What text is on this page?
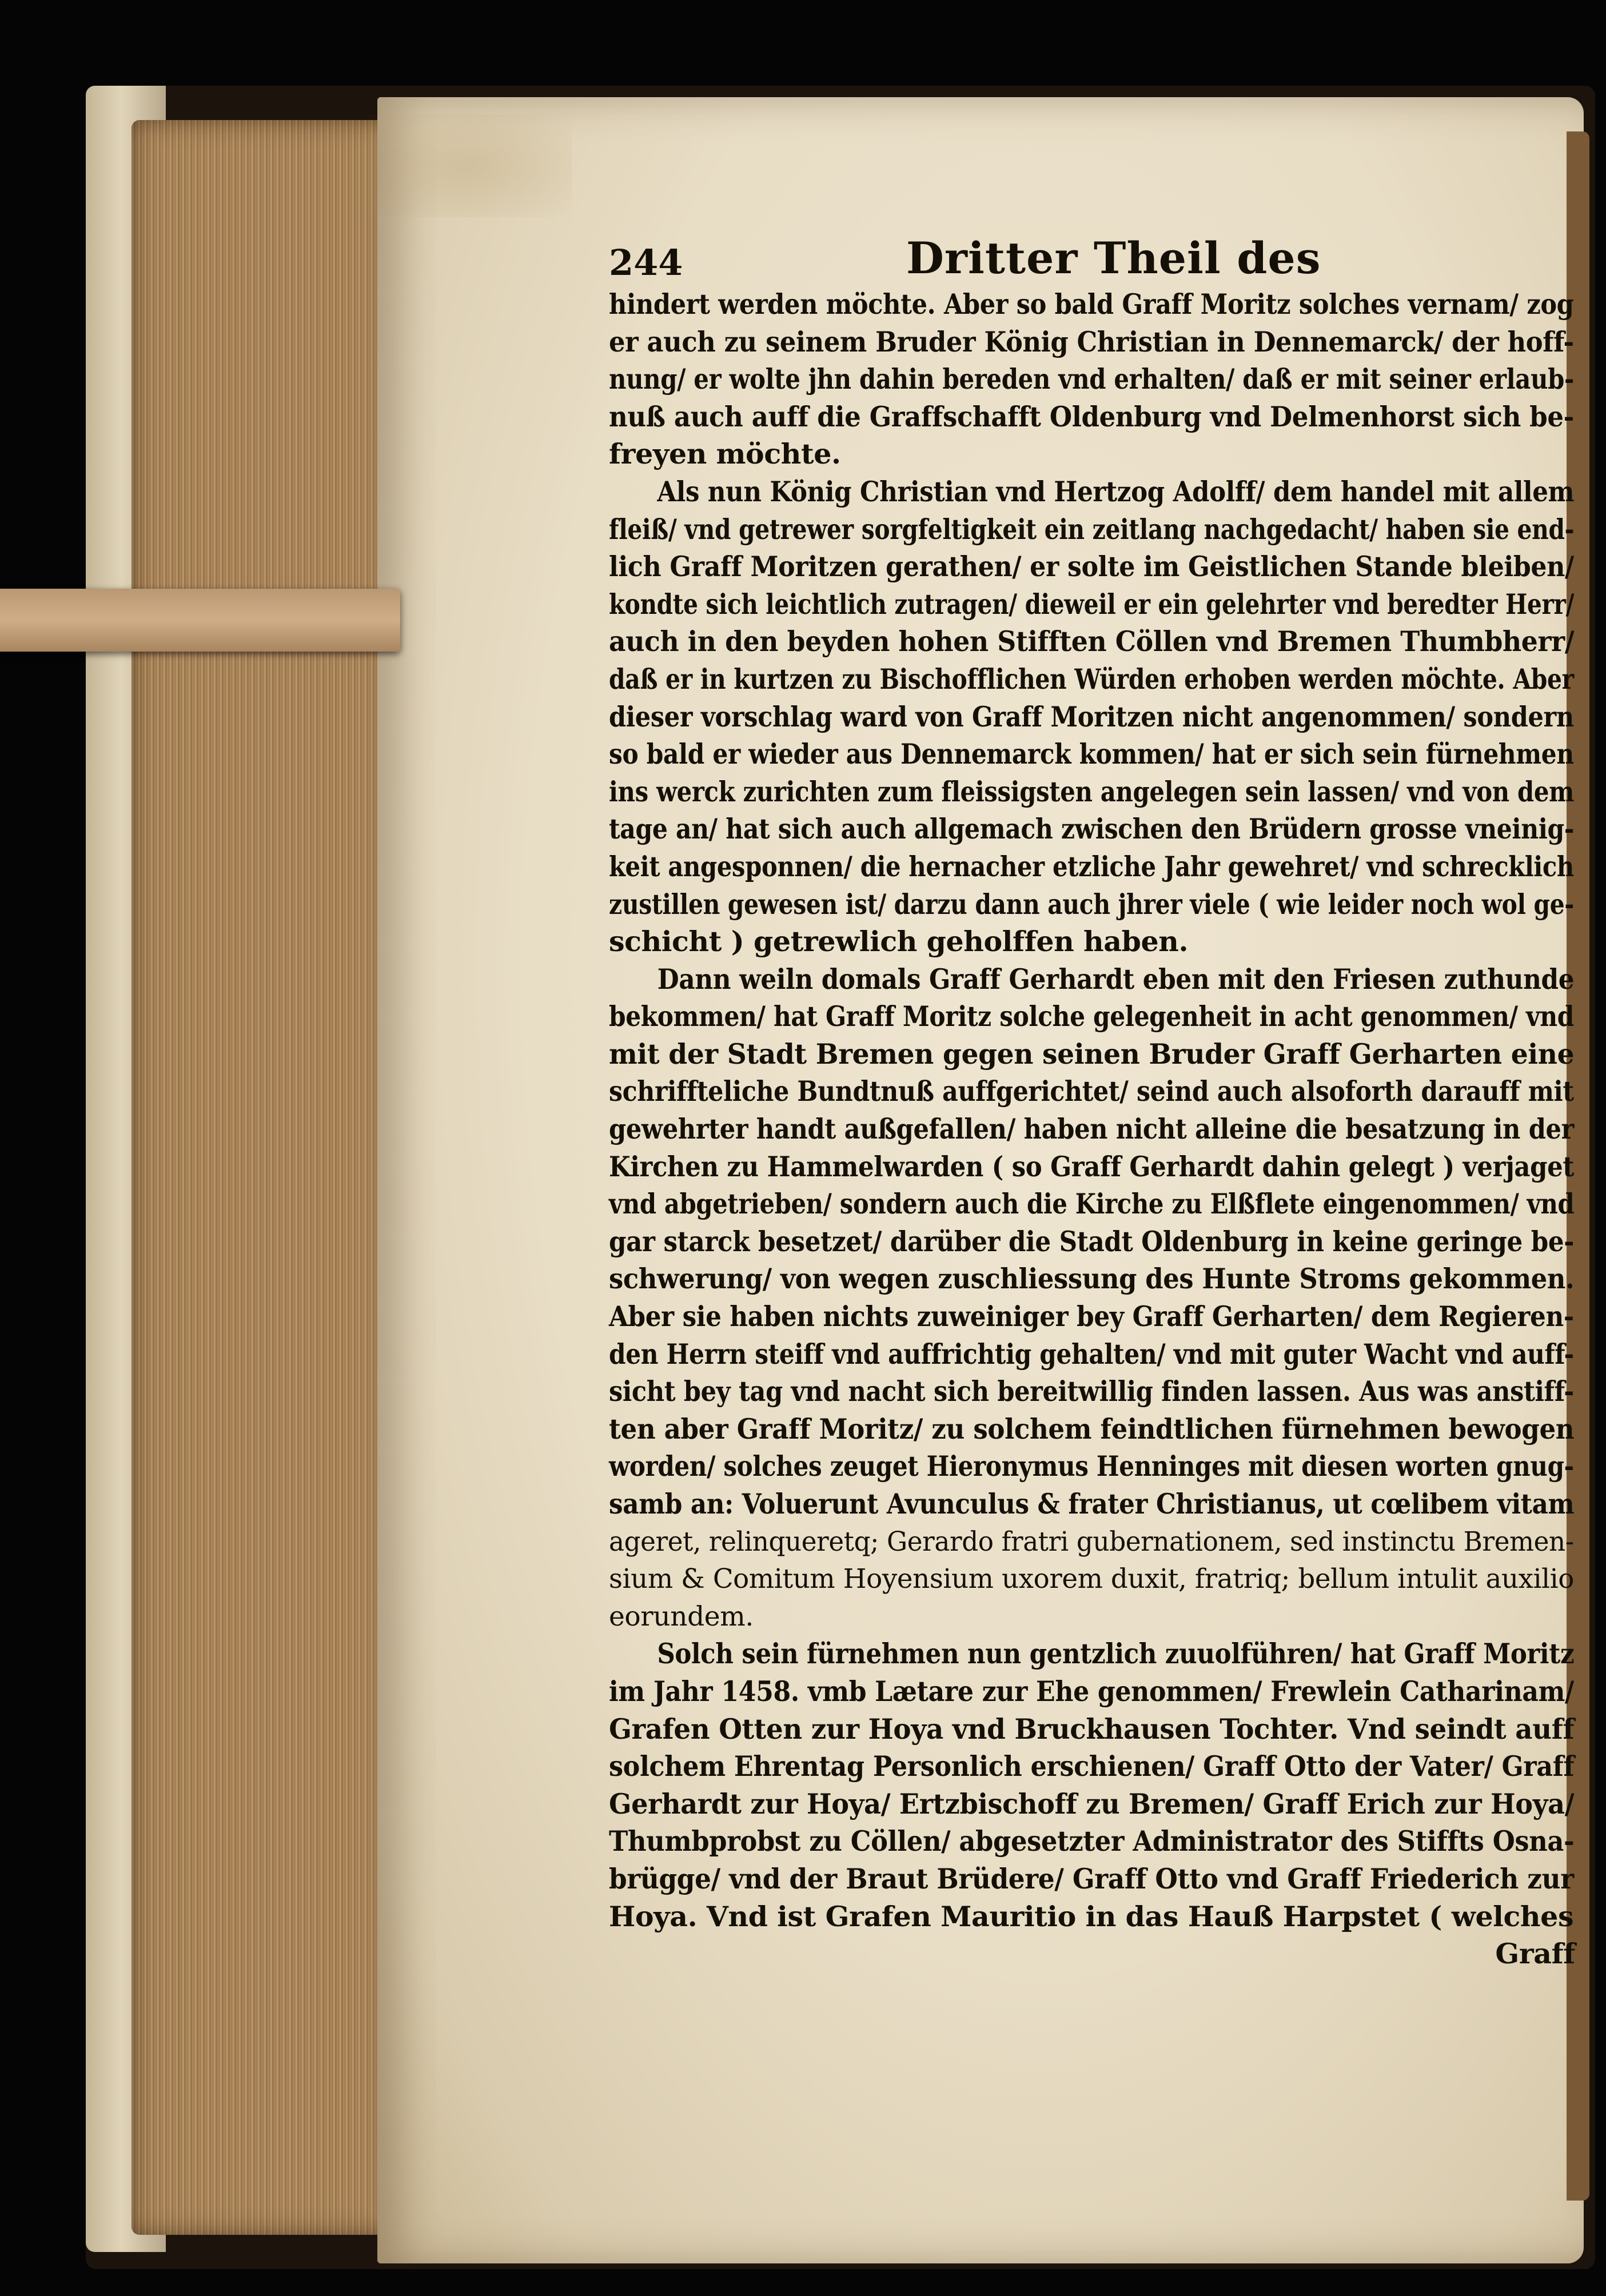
244	Dritter Theil des
hindert werden möchte. Aber so bald Graff Moritz solches vernam/ zog
er auch zu seinem Bruder König Christian in Dennemarck/ der hoff-
nung/ er wolte jhn dahin bereden vnd erhalten/ daß er mit seiner erlaub-
nuß auch auff die Graffschafft Oldenburg vnd Delmenhorst sich be-
freyen möchte.
Als nun König Christian vnd Hertzog Adolff/ dem handel mit allem
fleiß/ vnd getrewer sorgfeltigkeit ein zeitlang nachgedacht/ haben sie end-
lich Graff Moritzen gerathen/ er solte im Geistlichen Stande bleiben/
kondte sich leichtlich zutragen/ dieweil er ein gelehrter vnd beredter Herr/
auch in den beyden hohen Stifften Cöllen vnd Bremen Thumbherr/
daß er in kurtzen zu Bischofflichen Würden erhoben werden möchte. Aber
dieser vorschlag ward von Graff Moritzen nicht angenommen/ sondern
so bald er wieder aus Dennemarck kommen/ hat er sich sein fürnehmen
ins werck zurichten zum fleissigsten angelegen sein lassen/ vnd von dem
tage an/ hat sich auch allgemach zwischen den Brüdern grosse vneinig-
keit angesponnen/ die hernacher etzliche Jahr gewehret/ vnd schrecklich
zustillen gewesen ist/ darzu dann auch jhrer viele ( wie leider noch wol ge-
schicht ) getrewlich geholffen haben.
Dann weiln domals Graff Gerhardt eben mit den Friesen zuthunde
bekommen/ hat Graff Moritz solche gelegenheit in acht genommen/ vnd
mit der Stadt Bremen gegen seinen Bruder Graff Gerharten eine
schriffteliche Bundtnuß auffgerichtet/ seind auch alsoforth darauff mit
gewehrter handt außgefallen/ haben nicht alleine die besatzung in der
Kirchen zu Hammelwarden ( so Graff Gerhardt dahin gelegt ) verjaget
vnd abgetrieben/ sondern auch die Kirche zu Elßflete eingenommen/ vnd
gar starck besetzet/ darüber die Stadt Oldenburg in keine geringe be-
schwerung/ von wegen zuschliessung des Hunte Stroms gekommen.
Aber sie haben nichts zuweiniger bey Graff Gerharten/ dem Regieren-
den Herrn steiff vnd auffrichtig gehalten/ vnd mit guter Wacht vnd auff-
sicht bey tag vnd nacht sich bereitwillig finden lassen. Aus was anstiff-
ten aber Graff Moritz/ zu solchem feindtlichen fürnehmen bewogen
worden/ solches zeuget Hieronymus Henninges mit diesen worten gnug-
samb an: Voluerunt Avunculus & frater Christianus, ut cœlibem vitam
ageret, relinqueretq; Gerardo fratri gubernationem, sed instinctu Bremen-
sium & Comitum Hoyensium uxorem duxit, fratriq; bellum intulit auxilio
eorundem.
Solch sein fürnehmen nun gentzlich zuuolführen/ hat Graff Moritz
im Jahr 1458. vmb Lætare zur Ehe genommen/ Frewlein Catharinam/
Grafen Otten zur Hoya vnd Bruckhausen Tochter. Vnd seindt auff
solchem Ehrentag Personlich erschienen/ Graff Otto der Vater/ Graff
Gerhardt zur Hoya/ Ertzbischoff zu Bremen/ Graff Erich zur Hoya/
Thumbprobst zu Cöllen/ abgesetzter Administrator des Stiffts Osna-
brügge/ vnd der Braut Brüdere/ Graff Otto vnd Graff Friederich zur
Hoya. Vnd ist Grafen Mauritio in das Hauß Harpstet ( welches
Graff
